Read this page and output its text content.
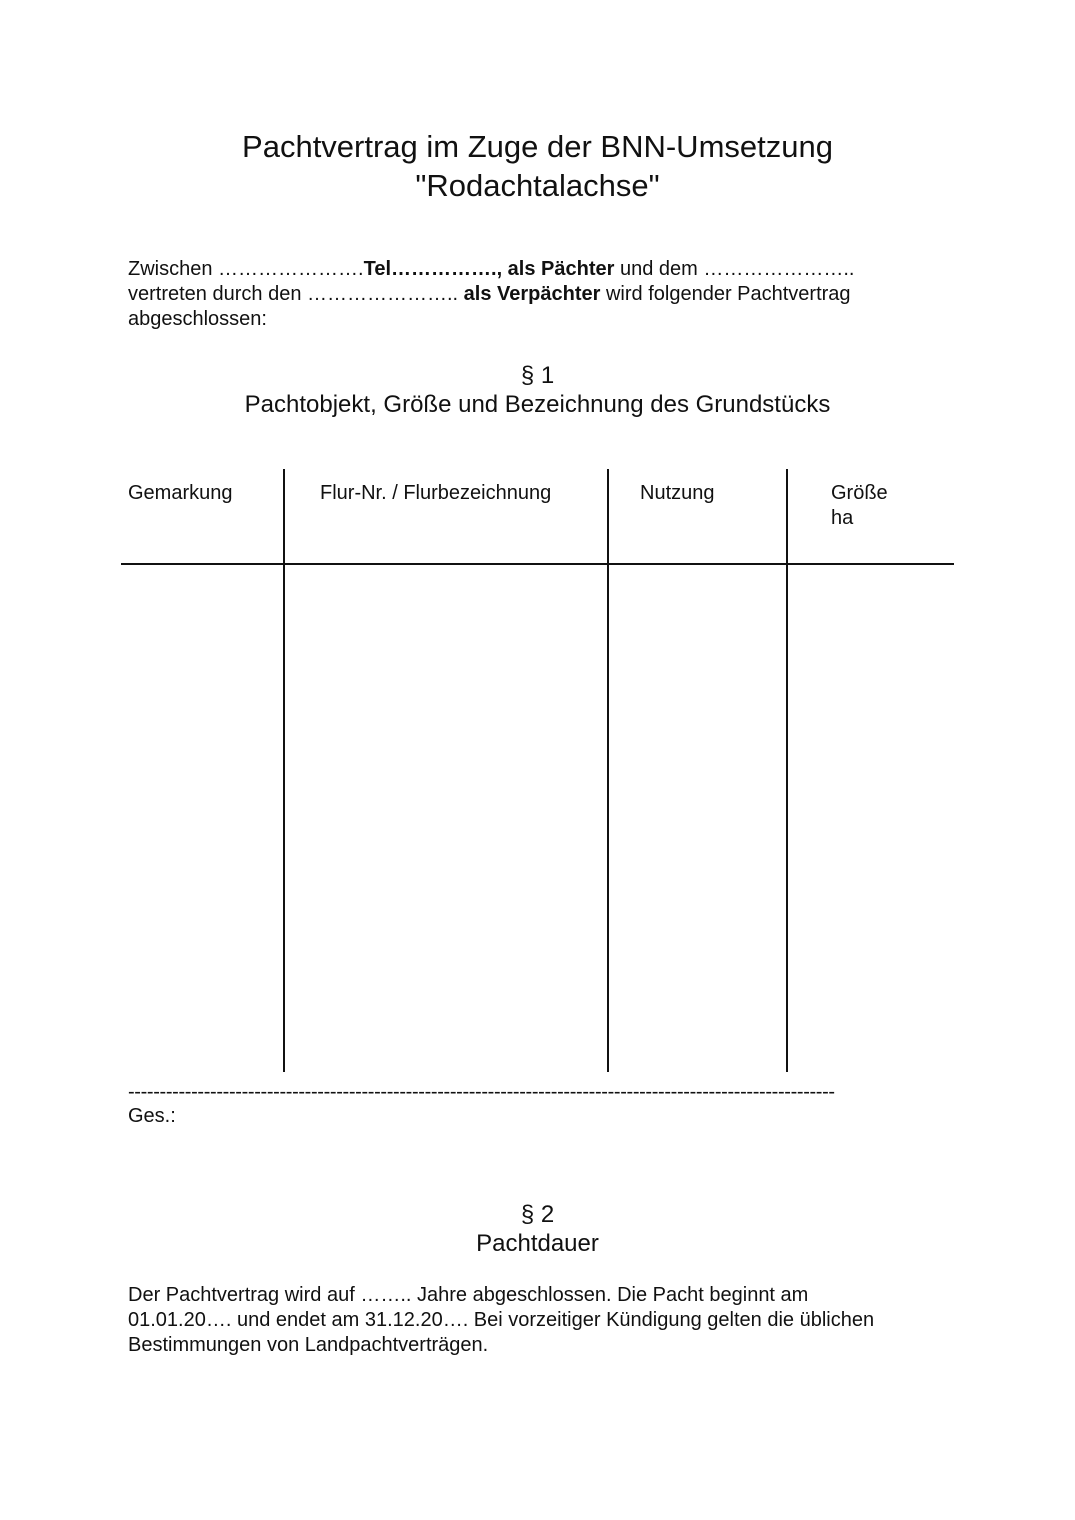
Pachtvertrag im Zuge der BNN-Umsetzung
"Rodachtalachse"
Zwischen ………………….Tel……………., als Pächter und dem …………………..
vertreten durch den ………………….. als Verpächter wird folgender Pachtvertrag
abgeschlossen:
§ 1
Pachtobjekt, Größe und Bezeichnung des Grundstücks
Gemarkung	Flur-Nr. / Flurbezeichnung	Nutzung	Größe
ha
----------------------------------------------------------------------------------------------------------------
Ges.:
§ 2
Pachtdauer
Der Pachtvertrag wird auf …….. Jahre abgeschlossen. Die Pacht beginnt am
01.01.20…. und endet am 31.12.20…. Bei vorzeitiger Kündigung gelten die üblichen
Bestimmungen von Landpachtverträgen.
